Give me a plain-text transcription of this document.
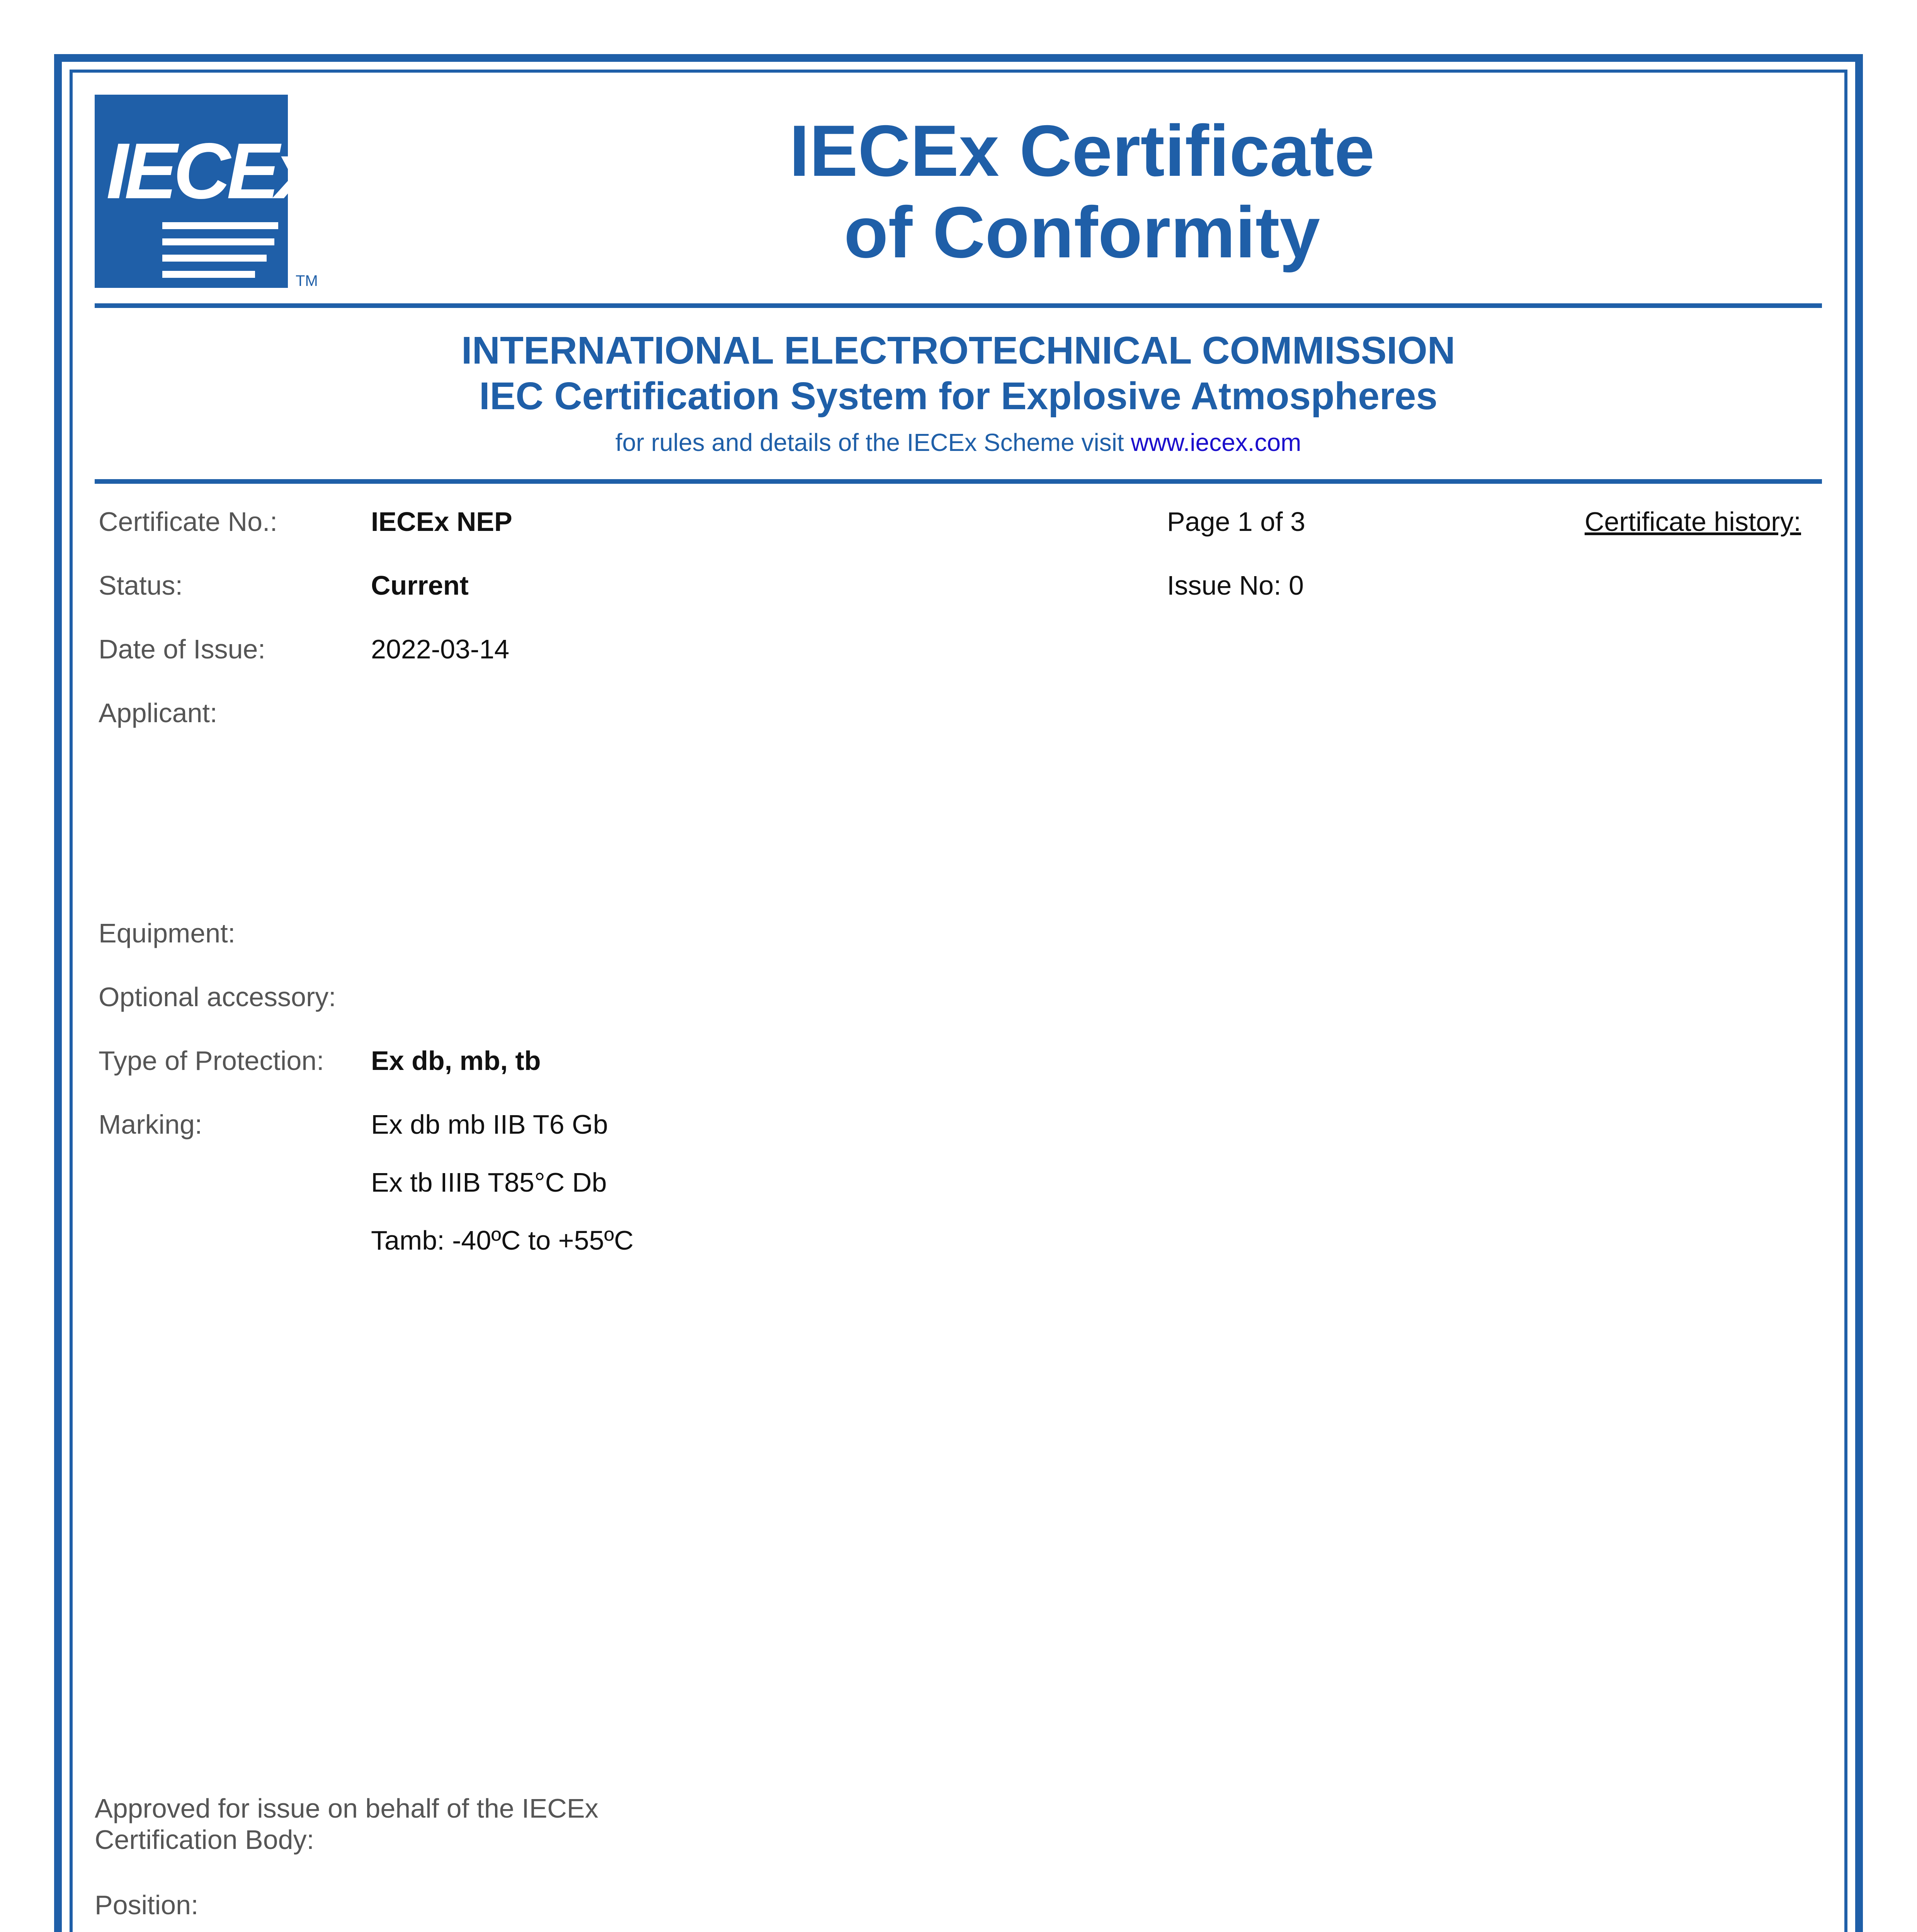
IECEx
TM
IECEx Certificate
of Conformity
INTERNATIONAL ELECTROTECHNICAL COMMISSION
IEC Certification System for Explosive Atmospheres
for rules and details of the IECEx Scheme visit www.iecex.com
Certificate No.:	IECEx NEP	Page 1 of 3	Certificate history:
Status:	Current	Issue No: 0
Date of Issue:	2022-03-14
Applicant:
Equipment:
Optional accessory:
Type of Protection: Ex db, mb, tb
Marking:	Ex db mb IIB T6 Gb
Ex tb IIIB T85°C Db
Tamb: -40ºC to +55ºC
Approved for issue on behalf of the IECEx
Certification Body:
Position:
